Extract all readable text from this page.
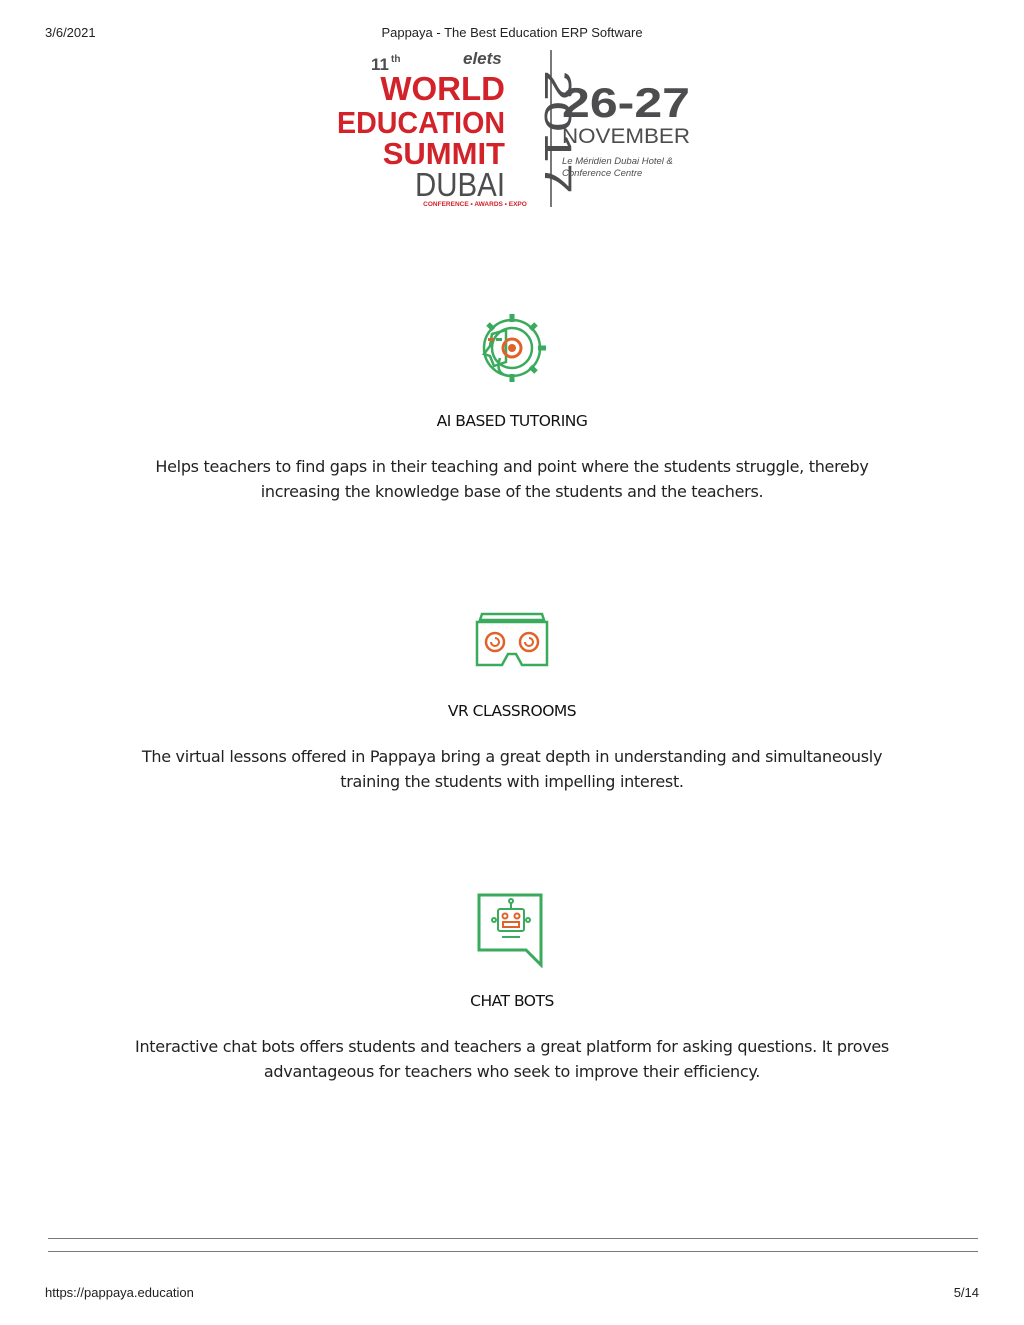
3/6/2021	Pappaya - The Best Education ERP Software
11 th	elets
WORLD
EDUCATION
SUMMIT
DUBAI
CONFERENCE • AWARDS • EXPO
2017
26-27
NOVEMBER
Le Méridien Dubai Hotel &
Conference Centre
AI BASED TUTORING
Helps teachers to find gaps in their teaching and point where the students struggle, thereby increasing the knowledge base of the students and the teachers.
VR CLASSROOMS
The virtual lessons offered in Pappaya bring a great depth in understanding and simultaneously training the students with impelling interest.
CHAT BOTS
Interactive chat bots offers students and teachers a great platform for asking questions. It proves advantageous for teachers who seek to improve their efficiency.
https://pappaya.education	5/14
